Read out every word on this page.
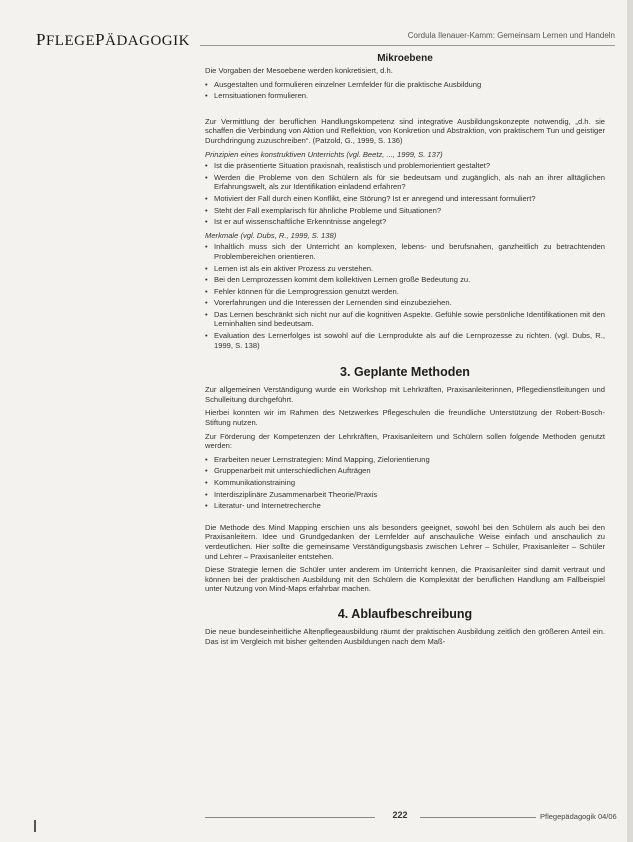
PFLEGEPÄDAGOGIK	Cordula Ilenauer-Kamm: Gemeinsam Lernen und Handeln
Mikroebene

Die Vorgaben der Mesoebene werden konkretisiert, d.h.

• Ausgestalten und formulieren einzelner Lernfelder für die praktische Ausbildung
• Lernsituationen formulieren.

Zur Vermittlung der beruflichen Handlungskompetenz sind integrative Ausbildungskonzepte notwendig, „d.h. sie schaffen die Verbindung von Aktion und Reflektion, von Konkretion und Abstraktion, von praktischem Tun und geistiger Durchdringung zuzuschreiben“. (Patzold, G., 1999, S. 136)

Prinzipien eines konstruktiven Unterrichts (vgl. Beetz, ..., 1999, S. 137)

• Ist die präsentierte Situation praxisnah, realistisch und problemorientiert gestaltet?
• Werden die Probleme von den Schülern als für sie bedeutsam und zugänglich, als nah an ihrer alltäglichen Erfahrungswelt, als zur Identifikation einladend erfahren?
• Motiviert der Fall durch einen Konflikt, eine Störung? Ist er anregend und interessant formuliert?
• Steht der Fall exemplarisch für ähnliche Probleme und Situationen?
• Ist er auf wissenschaftliche Erkenntnisse angelegt?

Merkmale (vgl. Dubs, R., 1999, S. 138)

• Inhaltlich muss sich der Unterricht an komplexen, lebens- und berufsnahen, ganzheitlich zu betrachtenden Problembereichen orientieren.
• Lernen ist als ein aktiver Prozess zu verstehen.
• Bei den Lernprozessen kommt dem kollektiven Lernen große Bedeutung zu.
• Fehler können für die Lernprogression genutzt werden.
• Vorerfahrungen und die Interessen der Lernenden sind einzubeziehen.
• Das Lernen beschränkt sich nicht nur auf die kognitiven Aspekte. Gefühle sowie persönliche Identifikationen mit den Lerninhalten sind bedeutsam.
• Evaluation des Lernerfolges ist sowohl auf die Lernprodukte als auf die Lernprozesse zu richten. (vgl. Dubs, R., 1999, S. 138)
3. Geplante Methoden

Zur allgemeinen Verständigung wurde ein Workshop mit Lehrkräften, Praxisanleiterinnen, Pflegedienstleitungen und Schulleitung durchgeführt.

Hierbei konnten wir im Rahmen des Netzwerkes Pflegeschulen die freundliche Unterstützung der Robert-Bosch-Stiftung nutzen.

Zur Förderung der Kompetenzen der Lehrkräften, Praxisanleitern und Schülern sollen folgende Methoden genutzt werden:

• Erarbeiten neuer Lernstrategien: Mind Mapping, Zielorientierung
• Gruppenarbeit mit unterschiedlichen Aufträgen
• Kommunikationstraining
• Interdisziplinäre Zusammenarbeit Theorie/Praxis
• Literatur- und Internetrecherche

Die Methode des Mind Mapping erschien uns als besonders geeignet, sowohl bei den Schülern als auch bei den Praxisanleitern. Idee und Grundgedanken der Lernfelder auf anschauliche Weise einfach und anschaulich zu verdeutlichen. Hier sollte die gemeinsame Verständigungsbasis zwischen Lehrer – Schüler, Praxisanleiter – Schüler und Lehrer – Praxisanleiter entstehen.

Diese Strategie lernen die Schüler unter anderem im Unterricht kennen, die Praxisanleiter sind damit vertraut und können bei der praktischen Ausbildung mit den Schülern die Komplexität der beruflichen Handlung am Fallbeispiel unter Nutzung von Mind-Maps erfahrbar machen.

4. Ablaufbeschreibung

Die neue bundeseinheitliche Altenpflegeausbildung räumt der praktischen Ausbildung zeitlich den größeren Anteil ein. Das ist im Vergleich mit bisher geltenden Ausbildungen nach dem Maß-

222	Pflegepädagogik 04/06
